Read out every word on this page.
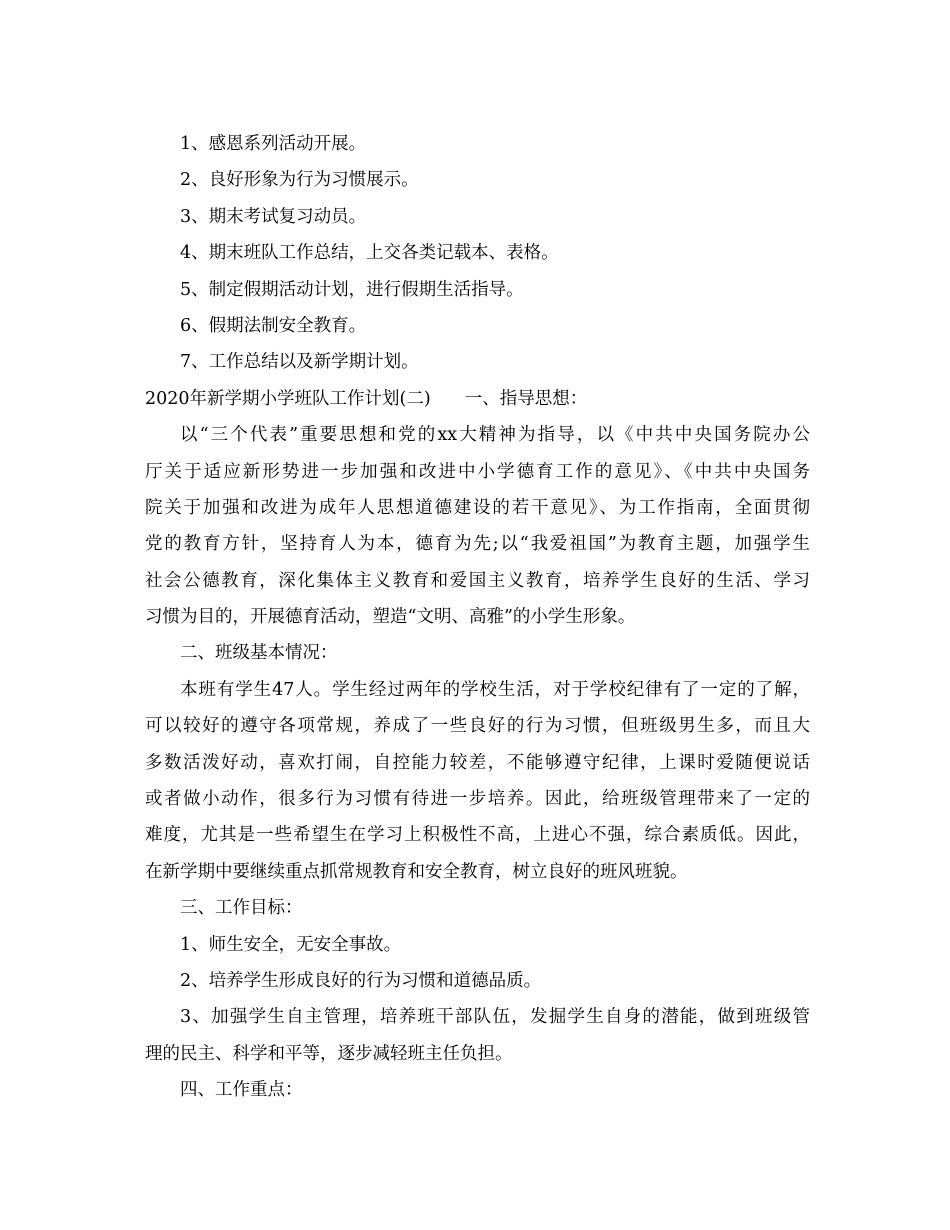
1、感恩系列活动开展。
2、良好形象为行为习惯展示。
3、期末考试复习动员。
4、期末班队工作总结，上交各类记载本、表格。
5、制定假期活动计划，进行假期生活指导。
6、假期法制安全教育。
7、工作总结以及新学期计划。
2020年新学期小学班队工作计划(二) 一、指导思想：
以“三个代表”重要思想和党的xx大精神为指导，以《中共中央国务院办公
厅关于适应新形势进一步加强和改进中小学德育工作的意见》、《中共中央国务
院关于加强和改进为成年人思想道德建设的若干意见》、为工作指南，全面贯彻
党的教育方针，坚持育人为本，德育为先;以“我爱祖国”为教育主题，加强学生
社会公德教育，深化集体主义教育和爱国主义教育，培养学生良好的生活、学习
习惯为目的，开展德育活动，塑造“文明、高雅”的小学生形象。
二、班级基本情况：
本班有学生47人。学生经过两年的学校生活，对于学校纪律有了一定的了解，
可以较好的遵守各项常规，养成了一些良好的行为习惯，但班级男生多，而且大
多数活泼好动，喜欢打闹，自控能力较差，不能够遵守纪律，上课时爱随便说话
或者做小动作，很多行为习惯有待进一步培养。因此，给班级管理带来了一定的
难度，尤其是一些希望生在学习上积极性不高，上进心不强，综合素质低。因此，
在新学期中要继续重点抓常规教育和安全教育，树立良好的班风班貌。
三、工作目标：
1、师生安全，无安全事故。
2、培养学生形成良好的行为习惯和道德品质。
3、加强学生自主管理，培养班干部队伍，发掘学生自身的潜能，做到班级管
理的民主、科学和平等，逐步减轻班主任负担。
四、工作重点：
